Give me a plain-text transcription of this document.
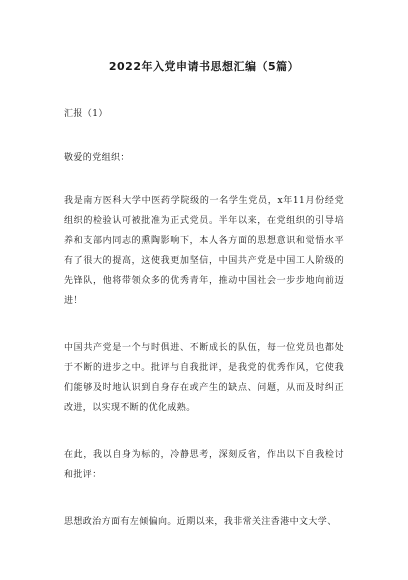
2022年入党申请书思想汇编（5篇）

汇报（1）

敬爱的党组织：

我是南方医科大学中医药学院级的一名学生党员，x年11月份经党组织的检验认可被批准为正式党员。半年以来，在党组织的引导培养和支部内同志的熏陶影响下，本人各方面的思想意识和觉悟水平有了很大的提高，这使我更加坚信，中国共产党是中国工人阶级的先锋队，他将带领众多的优秀青年，推动中国社会一步步地向前迈进！

中国共产党是一个与时俱进、不断成长的队伍，每一位党员也都处于不断的进步之中。批评与自我批评，是我党的优秀作风，它使我们能够及时地认识到自身存在或产生的缺点、问题，从而及时纠正改进，以实现不断的优化成熟。

在此，我以自身为标的，冷静思考，深刻反省，作出以下自我检讨和批评：

思想政治方面有左倾偏向。近期以来，我非常关注香港中文大学、
